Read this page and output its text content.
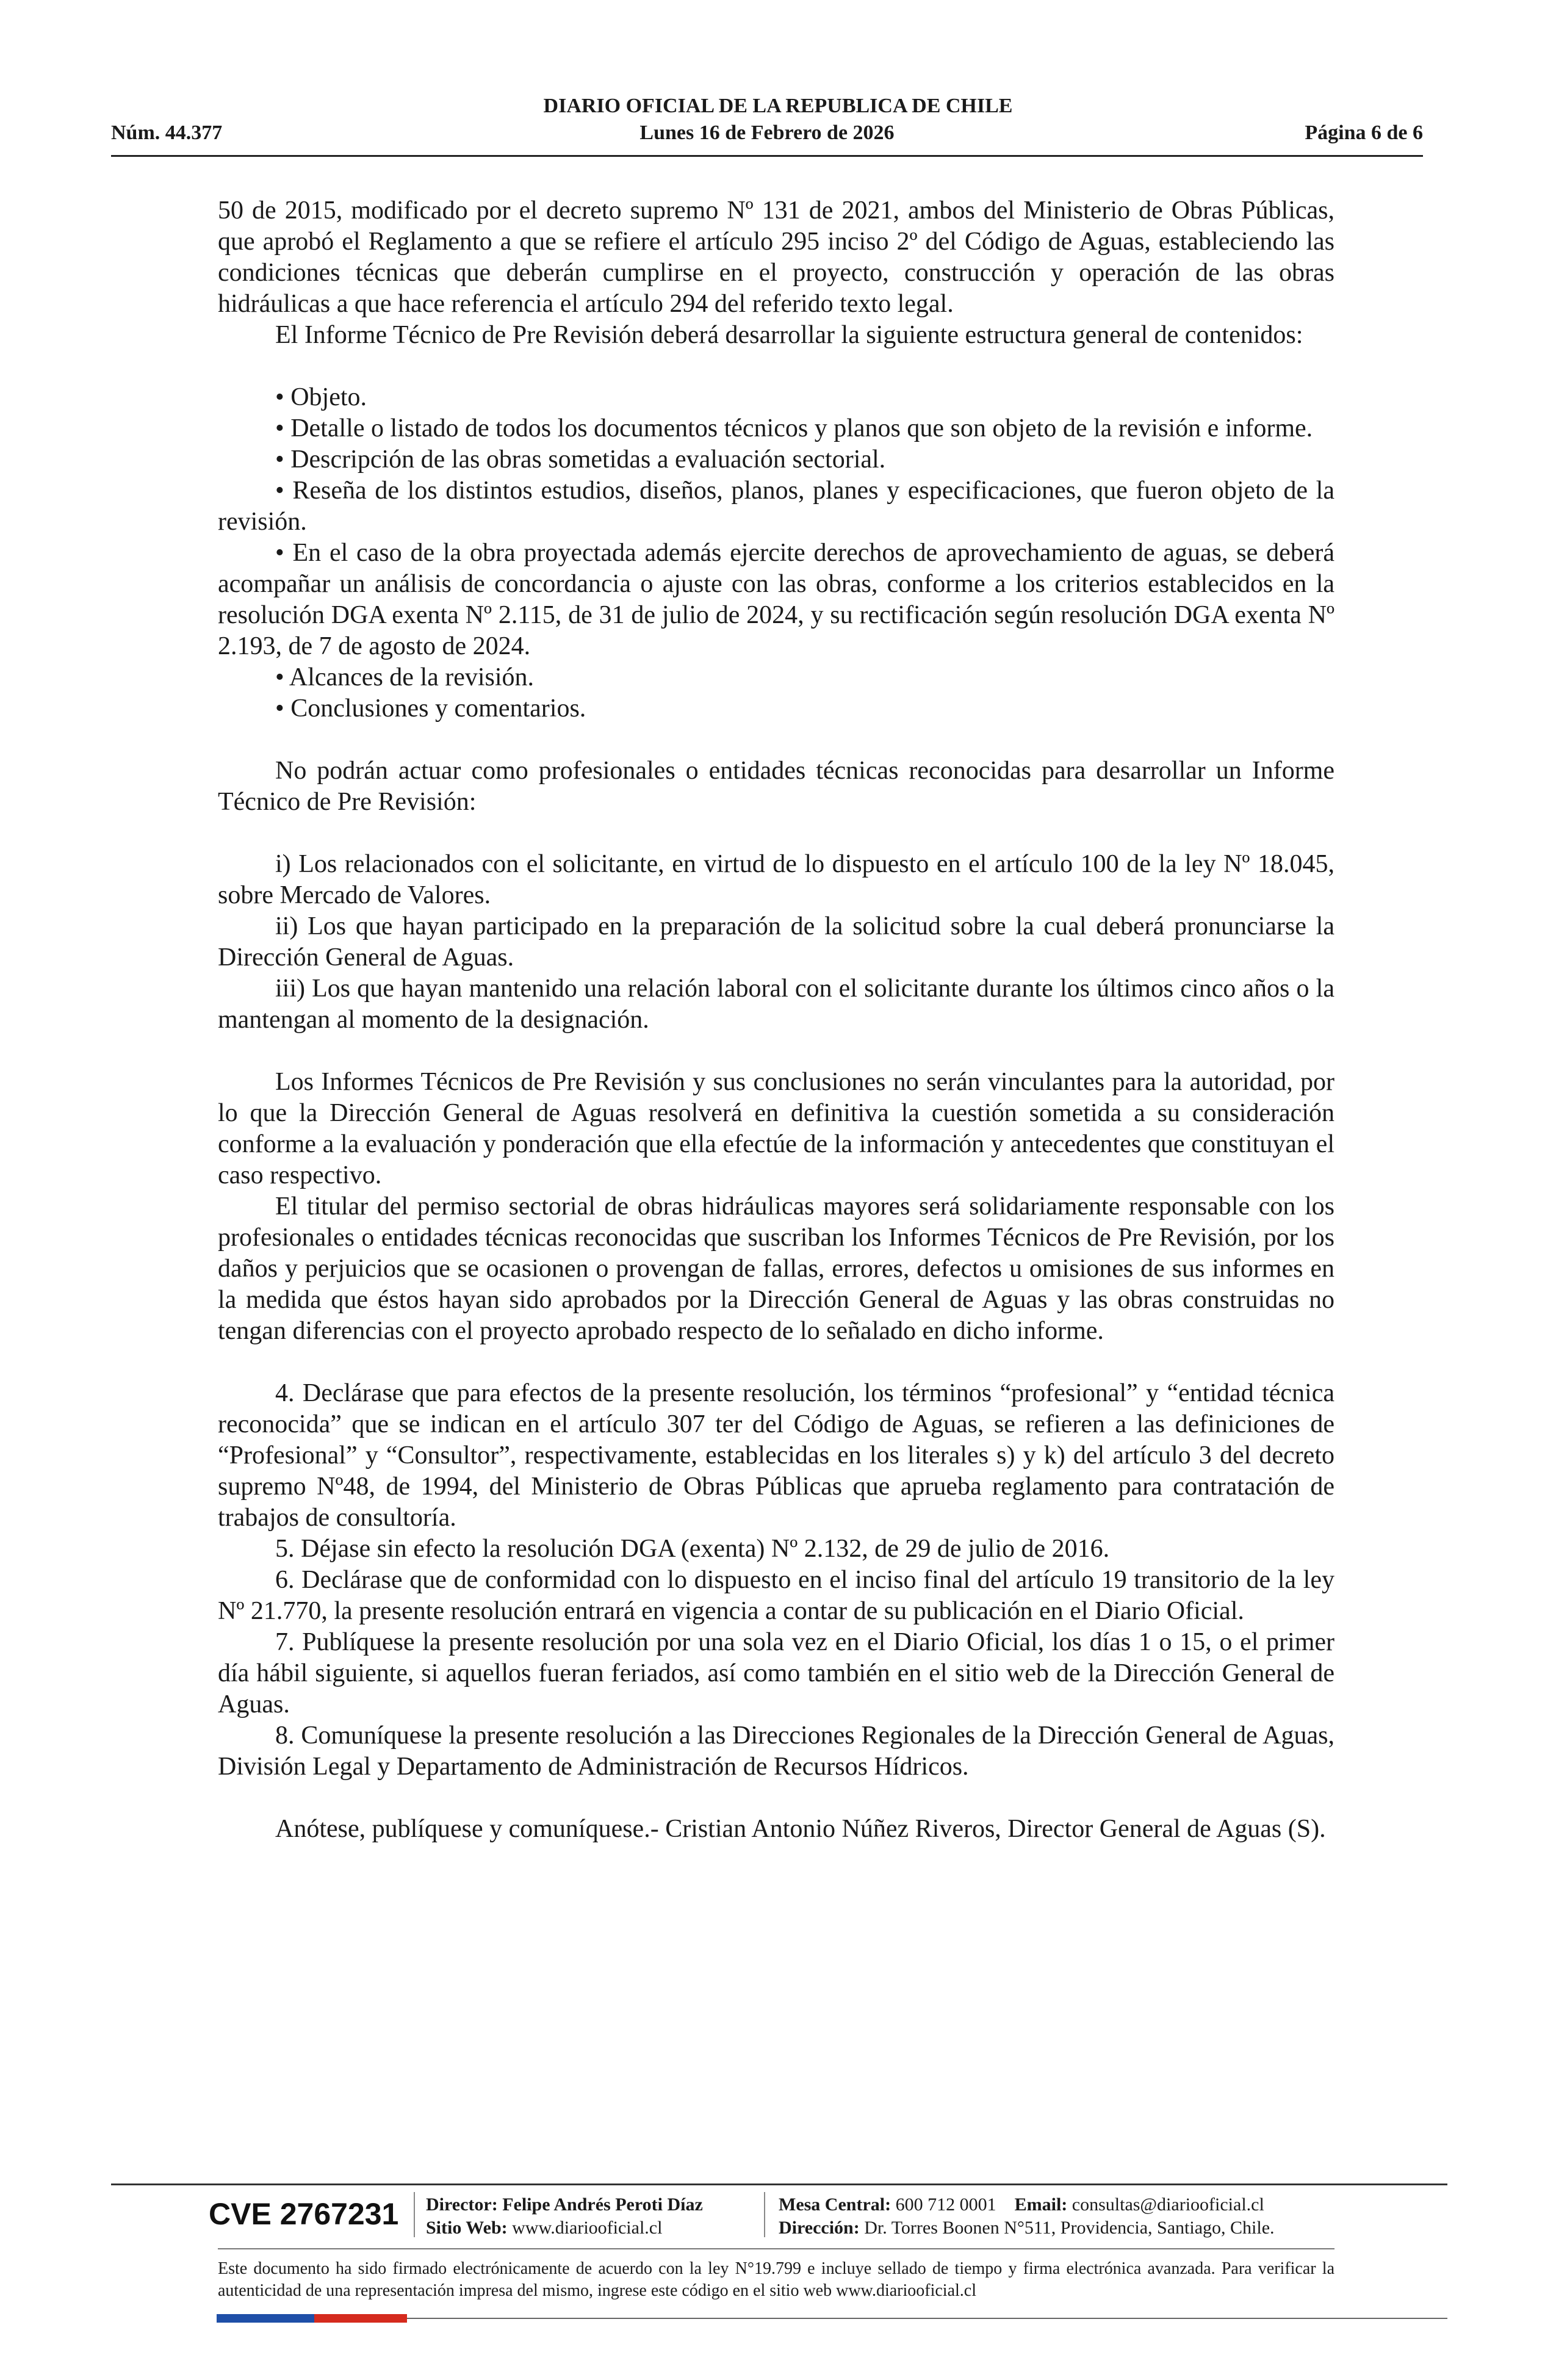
DIARIO OFICIAL DE LA REPUBLICA DE CHILE
Lunes 16 de Febrero de 2026
Núm. 44.377	Página 6 de 6

50 de 2015, modificado por el decreto supremo Nº 131 de 2021, ambos del Ministerio de Obras Públicas, que aprobó el Reglamento a que se refiere el artículo 295 inciso 2º del Código de Aguas, estableciendo las condiciones técnicas que deberán cumplirse en el proyecto, construcción y operación de las obras hidráulicas a que hace referencia el artículo 294 del referido texto legal.

El Informe Técnico de Pre Revisión deberá desarrollar la siguiente estructura general de contenidos:

• Objeto.

• Detalle o listado de todos los documentos técnicos y planos que son objeto de la revisión e informe.

• Descripción de las obras sometidas a evaluación sectorial.

• Reseña de los distintos estudios, diseños, planos, planes y especificaciones, que fueron objeto de la revisión.

• En el caso de la obra proyectada además ejercite derechos de aprovechamiento de aguas, se deberá acompañar un análisis de concordancia o ajuste con las obras, conforme a los criterios establecidos en la resolución DGA exenta Nº 2.115, de 31 de julio de 2024, y su rectificación según resolución DGA exenta Nº 2.193, de 7 de agosto de 2024.

• Alcances de la revisión.

• Conclusiones y comentarios.

No podrán actuar como profesionales o entidades técnicas reconocidas para desarrollar un Informe Técnico de Pre Revisión:

i) Los relacionados con el solicitante, en virtud de lo dispuesto en el artículo 100 de la ley Nº 18.045, sobre Mercado de Valores.

ii) Los que hayan participado en la preparación de la solicitud sobre la cual deberá pronunciarse la Dirección General de Aguas.

iii) Los que hayan mantenido una relación laboral con el solicitante durante los últimos cinco años o la mantengan al momento de la designación.

Los Informes Técnicos de Pre Revisión y sus conclusiones no serán vinculantes para la autoridad, por lo que la Dirección General de Aguas resolverá en definitiva la cuestión sometida a su consideración conforme a la evaluación y ponderación que ella efectúe de la información y antecedentes que constituyan el caso respectivo.

El titular del permiso sectorial de obras hidráulicas mayores será solidariamente responsable con los profesionales o entidades técnicas reconocidas que suscriban los Informes Técnicos de Pre Revisión, por los daños y perjuicios que se ocasionen o provengan de fallas, errores, defectos u omisiones de sus informes en la medida que éstos hayan sido aprobados por la Dirección General de Aguas y las obras construidas no tengan diferencias con el proyecto aprobado respecto de lo señalado en dicho informe.

4. Declárase que para efectos de la presente resolución, los términos “profesional” y “entidad técnica reconocida” que se indican en el artículo 307 ter del Código de Aguas, se refieren a las definiciones de “Profesional” y “Consultor”, respectivamente, establecidas en los literales s) y k) del artículo 3 del decreto supremo Nº48, de 1994, del Ministerio de Obras Públicas que aprueba reglamento para contratación de trabajos de consultoría.

5. Déjase sin efecto la resolución DGA (exenta) Nº 2.132, de 29 de julio de 2016.

6. Declárase que de conformidad con lo dispuesto en el inciso final del artículo 19 transitorio de la ley Nº 21.770, la presente resolución entrará en vigencia a contar de su publicación en el Diario Oficial.

7. Publíquese la presente resolución por una sola vez en el Diario Oficial, los días 1 o 15, o el primer día hábil siguiente, si aquellos fueran feriados, así como también en el sitio web de la Dirección General de Aguas.

8. Comuníquese la presente resolución a las Direcciones Regionales de la Dirección General de Aguas, División Legal y Departamento de Administración de Recursos Hídricos.

Anótese, publíquese y comuníquese.- Cristian Antonio Núñez Riveros, Director General de Aguas (S).

CVE 2767231 Director: Felipe Andrés Peroti Díaz
Sitio Web: www.diariooficial.cl
Mesa Central: 600 712 0001 Email: consultas@diariooficial.cl
Dirección: Dr. Torres Boonen N°511, Providencia, Santiago, Chile.
Este documento ha sido firmado electrónicamente de acuerdo con la ley N°19.799 e incluye sellado de tiempo y firma electrónica avanzada. Para verificar la autenticidad de una representación impresa del mismo, ingrese este código en el sitio web www.diariooficial.cl
